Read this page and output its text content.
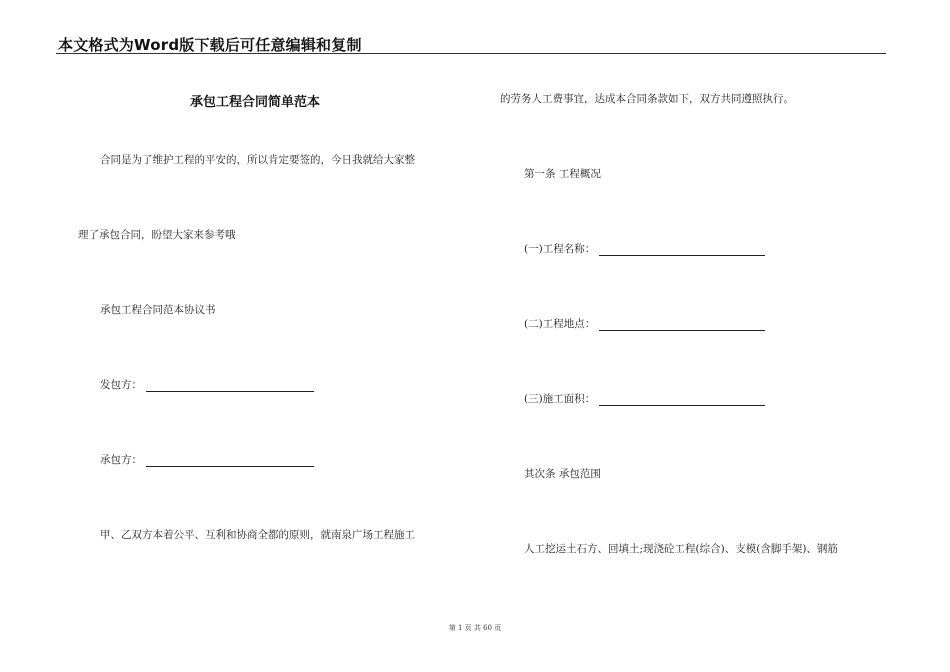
本文格式为Word版下载后可任意编辑和复制
承包工程合同简单范本
合同是为了维护工程的平安的，所以肯定要签的，今日我就给大家整
理了承包合同，盼望大家来参考哦
承包工程合同范本协议书
发包方：
承包方：
甲、乙双方本着公平、互利和协商全都的原则，就南泉广场工程施工
的劳务人工费事宜，达成本合同条款如下，双方共同遵照执行。
第一条 工程概况
(一)工程名称：
(二)工程地点：
(三)施工面积：
其次条 承包范围
人工挖运土石方、回填土;现浇砼工程(综合)、支模(含脚手架)、钢筋
第 1 页 共 60 页
